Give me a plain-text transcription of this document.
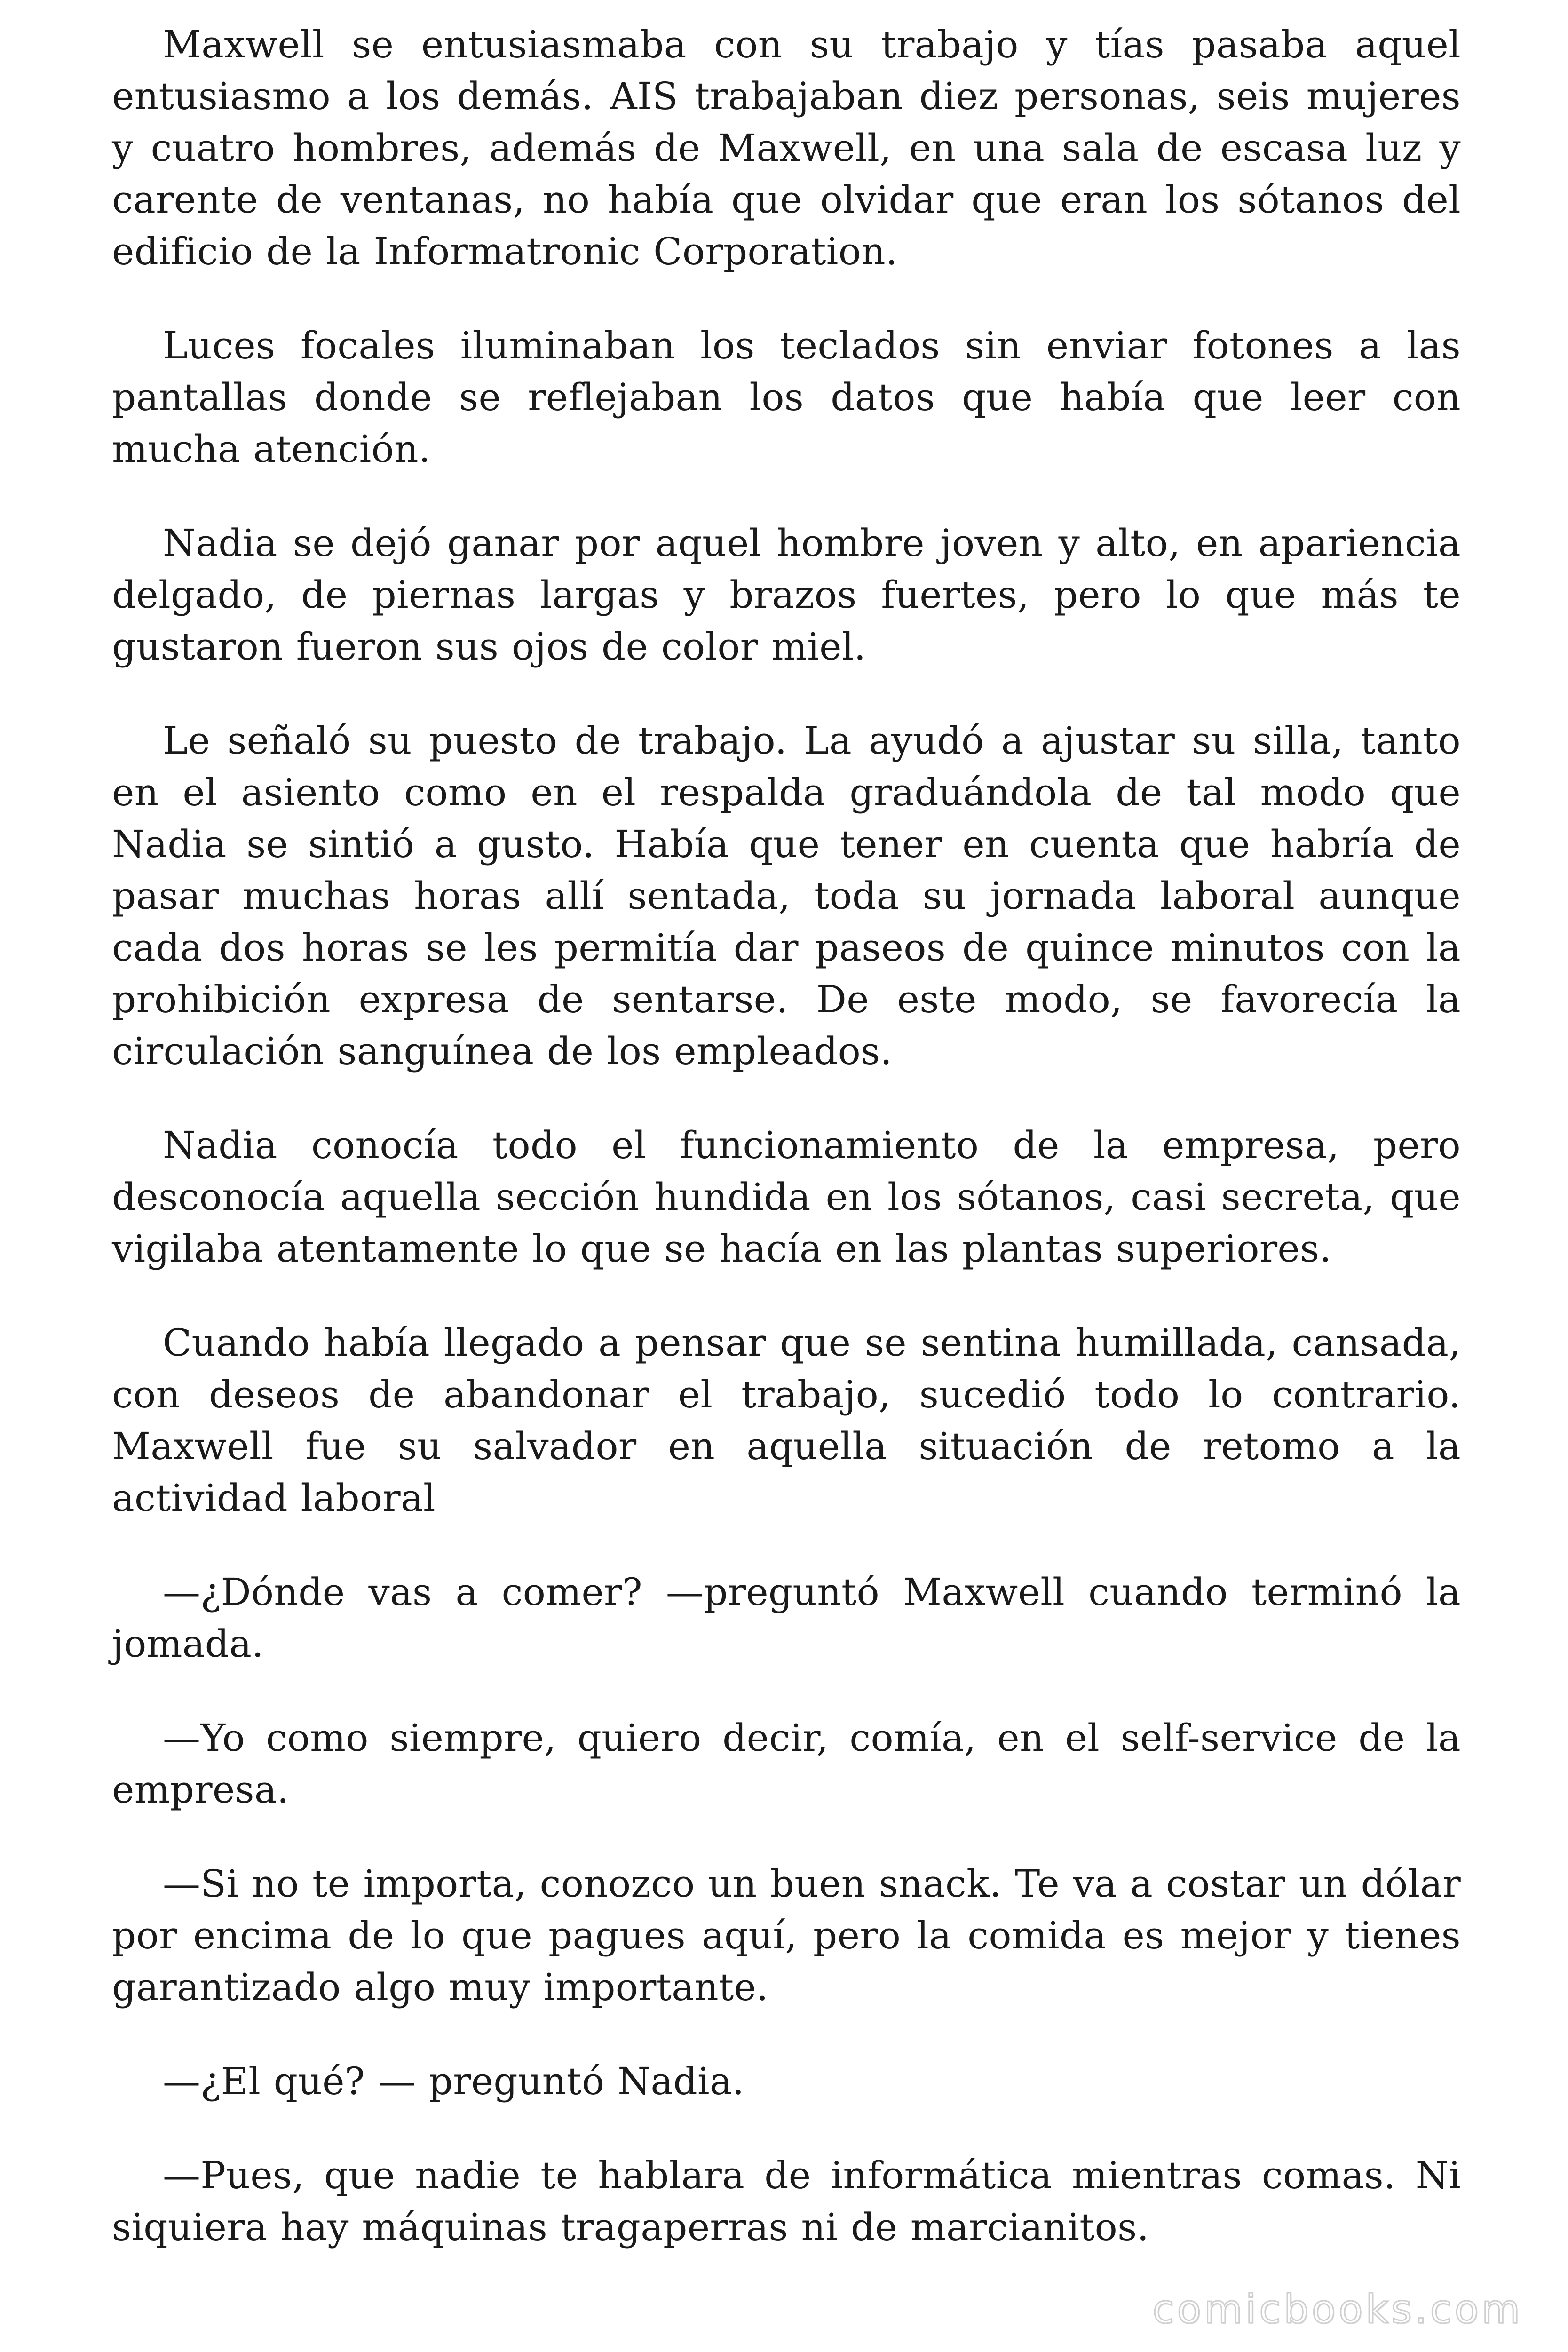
Maxwell se entusiasmaba con su trabajo y tías pasaba aquel entusiasmo a los demás. AIS trabajaban diez personas, seis mujeres y cuatro hombres, además de Maxwell, en una sala de escasa luz y carente de ventanas, no había que olvidar que eran los sótanos del edificio de la Informatronic Corporation.

Luces focales iluminaban los teclados sin enviar fotones a las pantallas donde se reflejaban los datos que había que leer con mucha atención.

Nadia se dejó ganar por aquel hombre joven y alto, en apariencia delgado, de piernas largas y brazos fuertes, pero lo que más te gustaron fueron sus ojos de color miel.

Le señaló su puesto de trabajo. La ayudó a ajustar su silla, tanto en el asiento como en el respalda graduándola de tal modo que Nadia se sintió a gusto. Había que tener en cuenta que habría de pasar muchas horas allí sentada, toda su jornada laboral aunque cada dos horas se les permitía dar paseos de quince minutos con la prohibición expresa de sentarse. De este modo, se favorecía la circulación sanguínea de los empleados.

Nadia conocía todo el funcionamiento de la empresa, pero desconocía aquella sección hundida en los sótanos, casi secreta, que vigilaba atentamente lo que se hacía en las plantas superiores.

Cuando había llegado a pensar que se sentina humillada, cansada, con deseos de abandonar el trabajo, sucedió todo lo contrario. Maxwell fue su salvador en aquella situación de retomo a la actividad laboral

—¿Dónde vas a comer? —preguntó Maxwell cuando terminó la jomada.

—Yo como siempre, quiero decir, comía, en el self-service de la empresa.

—Si no te importa, conozco un buen snack. Te va a costar un dólar por encima de lo que pagues aquí, pero la comida es mejor y tienes garantizado algo muy importante.

—¿El qué? — preguntó Nadia.

—Pues, que nadie te hablara de informática mientras comas. Ni siquiera hay máquinas tragaperras ni de marcianitos.

comicbooks.com
